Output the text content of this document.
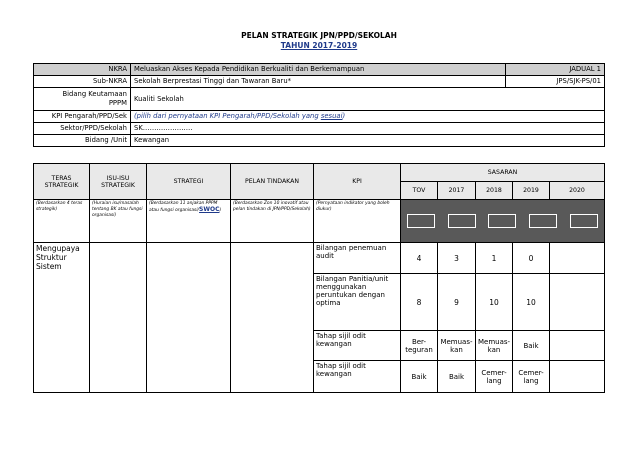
PELAN STRATEGIK JPN/PPD/SEKOLAH
TAHUN 2017-2019
NKRA	Meluaskan Akses Kepada Pendidikan Berkualiti dan Berkemampuan	JADUAL 1
Sub-NKRA	Sekolah Berprestasi Tinggi dan Tawaran Baru*	JPS/SJK-PS/01
Bidang Keutamaan
PPPM	Kualiti Sekolah	
KPI Pengarah/PPD/Sek	(pilih dari pernyataan KPI Pengarah/PPD/Sekolah yang sesuai)	
Sektor/PPD/Sekolah	SK………………….	
Bidang /Unit	Kewangan	
TERAS STRATEGIK	ISU-ISU STRATEGIK	STRATEGI	PELAN TINDAKAN	KPI	SASARAN				
					TOV	2017	2018	2019	2020
(Berdasarkan 4 teras strategik)	(Huraian isu/masalah tentang BK atau fungsi organisasi)	(Berdasarkan 11 anjakan PPPM atau fungsi organisasi/SWOC)	(Berdasarkan Zon 10 inovatif atau pelan tindakan di JPN/PPD/Sekolah)	(Pernyataan indikator yang boleh diukur)					

Mengupaya Struktur Sistem				Bilangan penemuan audit	4	3	1	0	
				Bilangan Panitia/unit menggunakan peruntukan dengan optima	8	9	10	10	
				Tahap sijil odit kewangan	Ber-teguran	Memuas-kan	Memuas-kan	Baik	
				Tahap sijil odit kewangan	Baik	Baik	Cemer-lang	Cemer-lang	
